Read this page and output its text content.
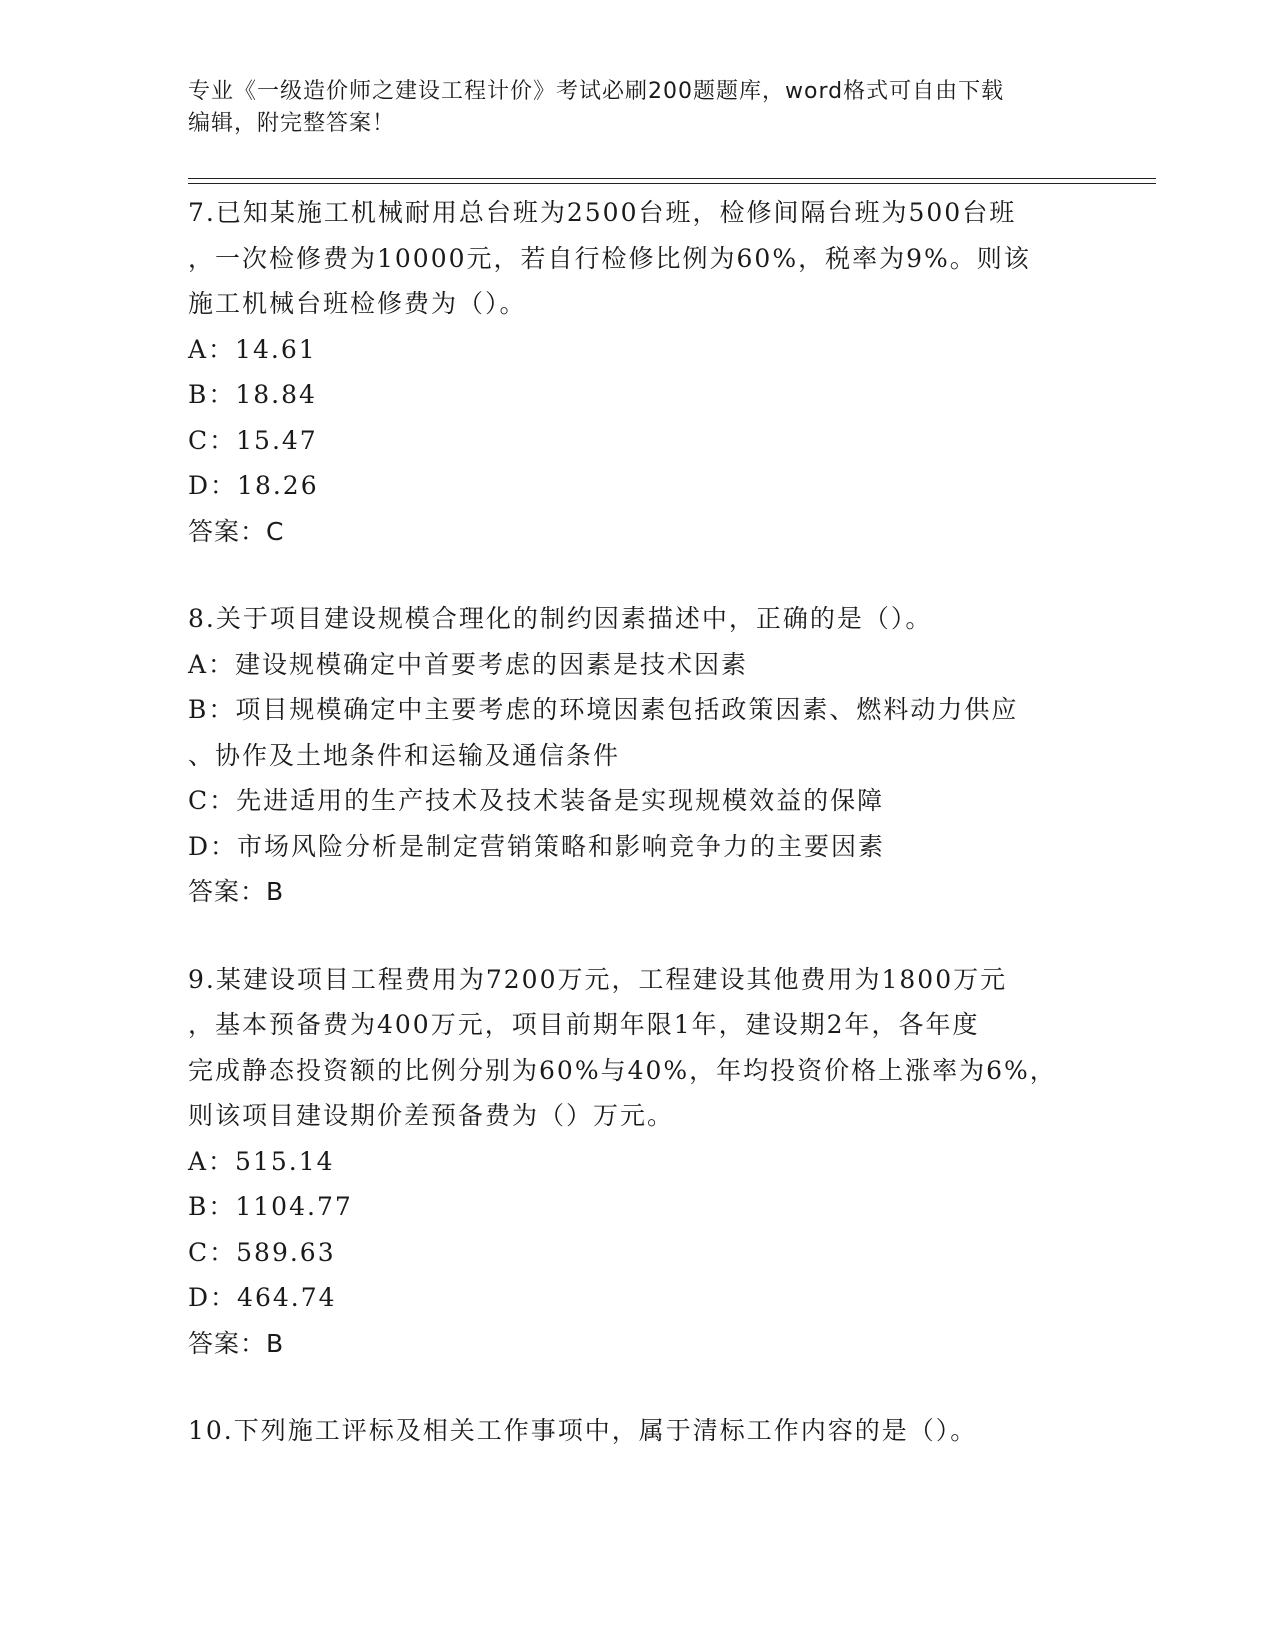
专业《一级造价师之建设工程计价》考试必刷200题题库，word格式可自由下载
编辑，附完整答案！
7.已知某施工机械耐用总台班为2500台班，检修间隔台班为500台班
，一次检修费为10000元，若自行检修比例为60%，税率为9%。则该
施工机械台班检修费为（）。
A：14.61
B：18.84
C：15.47
D：18.26
答案：C
8.关于项目建设规模合理化的制约因素描述中，正确的是（）。
A：建设规模确定中首要考虑的因素是技术因素
B：项目规模确定中主要考虑的环境因素包括政策因素、燃料动力供应
、协作及土地条件和运输及通信条件
C：先进适用的生产技术及技术装备是实现规模效益的保障
D：市场风险分析是制定营销策略和影响竞争力的主要因素
答案：B
9.某建设项目工程费用为7200万元，工程建设其他费用为1800万元
，基本预备费为400万元，项目前期年限1年，建设期2年，各年度
完成静态投资额的比例分别为60%与40%，年均投资价格上涨率为6%，
则该项目建设期价差预备费为（）万元。
A：515.14
B：1104.77
C：589.63
D：464.74
答案：B
10.下列施工评标及相关工作事项中，属于清标工作内容的是（）。
